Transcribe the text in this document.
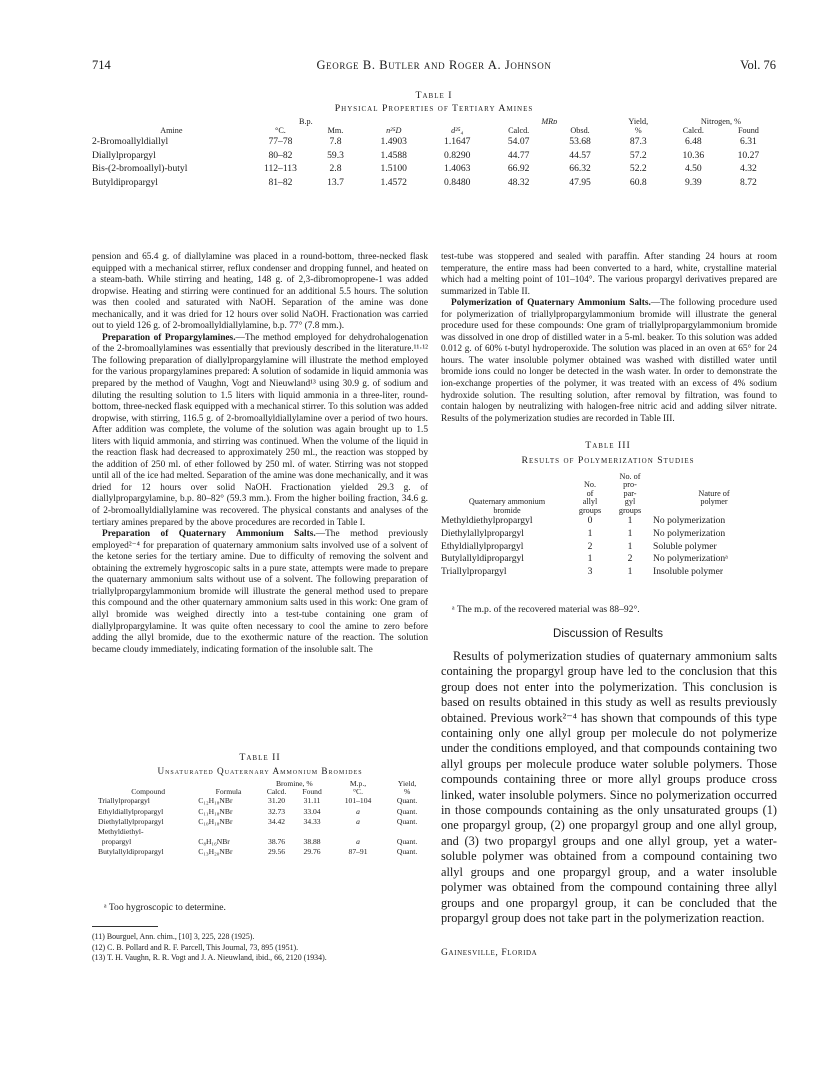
714	George B. Butler and Roger A. Johnson	Vol. 76
Table I
Physical Properties of Tertiary Amines
	B.p.				MRᴅ		Yield,	Nitrogen, %	
Amine	°C.	Mm.	n²⁵D	d²⁵₄	Calcd.	Obsd.	%	Calcd.	Found
2-Bromoallyldiallyl	77–78	7.8	1.4903	1.1647	54.07	53.68	87.3	6.48	6.31
Diallylpropargyl	80–82	59.3	1.4588	0.8290	44.77	44.57	57.2	10.36	10.27
Bis-(2-bromoallyl)-butyl	112–113	2.8	1.5100	1.4063	66.92	66.32	52.2	4.50	4.32
Butyldipropargyl	81–82	13.7	1.4572	0.8480	48.32	47.95	60.8	9.39	8.72

pension and 65.4 g. of diallylamine was placed in a round-bottom, three-necked flask equipped with a mechanical stirrer, reflux condenser and dropping funnel, and heated on a steam-bath. While stirring and heating, 148 g. of 2,3-dibromopropene-1 was added dropwise. Heating and stirring were continued for an additional 5.5 hours. The solution was then cooled and saturated with NaOH. Separation of the amine was done mechanically, and it was dried for 12 hours over solid NaOH. Fractionation was carried out to yield 126 g. of 2-bromoallyldiallylamine, b.p. 77° (7.8 mm.).

Preparation of Propargylamines.—The method employed for dehydrohalogenation of the 2-bromoallylamines was essentially that previously described in the literature.¹¹·¹² The following preparation of diallylpropargylamine will illustrate the method employed for the various propargylamines prepared: A solution of sodamide in liquid ammonia was prepared by the method of Vaughn, Vogt and Nieuwland¹³ using 30.9 g. of sodium and diluting the resulting solution to 1.5 liters with liquid ammonia in a three-liter, round-bottom, three-necked flask equipped with a mechanical stirrer. To this solution was added dropwise, with stirring, 116.5 g. of 2-bromoallyldiallylamine over a period of two hours. After addition was complete, the volume of the solution was again brought up to 1.5 liters with liquid ammonia, and stirring was continued. When the volume of the liquid in the reaction flask had decreased to approximately 250 ml., the reaction was stopped by the addition of 250 ml. of ether followed by 250 ml. of water. Stirring was not stopped until all of the ice had melted. Separation of the amine was done mechanically, and it was dried for 12 hours over solid NaOH. Fractionation yielded 29.3 g. of diallylpropargylamine, b.p. 80–82° (59.3 mm.). From the higher boiling fraction, 34.6 g. of 2-bromoallyldiallylamine was recovered. The physical constants and analyses of the tertiary amines prepared by the above procedures are recorded in Table I.

Preparation of Quaternary Ammonium Salts.—The method previously employed²⁻⁴ for preparation of quaternary ammonium salts involved use of a solvent of the ketone series for the tertiary amine. Due to difficulty of removing the solvent and obtaining the extremely hygroscopic salts in a pure state, attempts were made to prepare the quaternary ammonium salts without use of a solvent. The following preparation of triallylpropargylammonium bromide will illustrate the general method used to prepare this compound and the other quaternary ammonium salts used in this work: One gram of allyl bromide was weighed directly into a test-tube containing one gram of diallylpropargylamine. It was quite often necessary to cool the amine to zero before adding the allyl bromide, due to the exothermic nature of the reaction. The solution became cloudy immediately, indicating formation of the insoluble salt. The

Table II
Unsaturated Quaternary Ammonium Bromides
		Bromine, %		M.p.,	Yield,
Compound	Formula	Calcd.	Found	°C.	%
Triallylpropargyl	C₁₂H₁₈NBr	31.20	31.11	101–104	Quant.
Ethyldiallylpropargyl	C₁₁H₁₈NBr	32.73	33.04	a	Quant.
Diethylallylpropargyl	C₁₀H₁₈NBr	34.42	34.33	a	Quant.
Methyldiethyl-					
propargyl	C₈H₁₆NBr	38.76	38.88	a	Quant.
Butylallyldipropargyl	C₁₃H₂₀NBr	29.56	29.76	87–91	Quant.
ᵃ Too hygroscopic to determine.

(11) Bourguel, Ann. chim., [10] 3, 225, 228 (1925).

(12) C. B. Pollard and R. F. Parcell, This Journal, 73, 895 (1951).

(13) T. H. Vaughn, R. R. Vogt and J. A. Nieuwland, ibid., 66, 2120 (1934).

test-tube was stoppered and sealed with paraffin. After standing 24 hours at room temperature, the entire mass had been converted to a hard, white, crystalline material which had a melting point of 101–104°. The various propargyl derivatives prepared are summarized in Table II.

Polymerization of Quaternary Ammonium Salts.—The following procedure used for polymerization of triallylpropargylammonium bromide will illustrate the general procedure used for these compounds: One gram of triallylpropargylammonium bromide was dissolved in one drop of distilled water in a 5-ml. beaker. To this solution was added 0.012 g. of 60% t-butyl hydroperoxide. The solution was placed in an oven at 65° for 24 hours. The water insoluble polymer obtained was washed with distilled water until bromide ions could no longer be detected in the wash water. In order to demonstrate the ion-exchange properties of the polymer, it was treated with an excess of 4% sodium hydroxide solution. The resulting solution, after removal by filtration, was found to contain halogen by neutralizing with halogen-free nitric acid and adding silver nitrate. Results of the polymerization studies are recorded in Table III.

Table III
Results of Polymerization Studies
		No. of	
	No.	pro-	
	of	par-	Nature of
Quaternary ammonium	allyl	gyl	polymer
bromide	groups	groups	
Methyldiethylpropargyl	0	1	No polymerization
Diethylallylpropargyl	1	1	No polymerization
Ethyldiallylpropargyl	2	1	Soluble polymer
Butylallyldipropargyl	1	2	No polymerizationᵃ
Triallylpropargyl	3	1	Insoluble polymer
ᵃ The m.p. of the recovered material was 88–92°.
Discussion of Results

Results of polymerization studies of quaternary ammonium salts containing the propargyl group have led to the conclusion that this group does not enter into the polymerization. This conclusion is based on results obtained in this study as well as results previously obtained. Previous work²⁻⁴ has shown that compounds of this type containing only one allyl group per molecule do not polymerize under the conditions employed, and that compounds containing two allyl groups per molecule produce water soluble polymers. Those compounds containing three or more allyl groups produce cross linked, water insoluble polymers. Since no polymerization occurred in those compounds containing as the only unsaturated groups (1) one propargyl group, (2) one propargyl group and one allyl group, and (3) two propargyl groups and one allyl group, yet a water-soluble polymer was obtained from a compound containing two allyl groups and one propargyl group, and a water insoluble polymer was obtained from the compound containing three allyl groups and one propargyl group, it can be concluded that the propargyl group does not take part in the polymerization reaction.

Gainesville, Florida
